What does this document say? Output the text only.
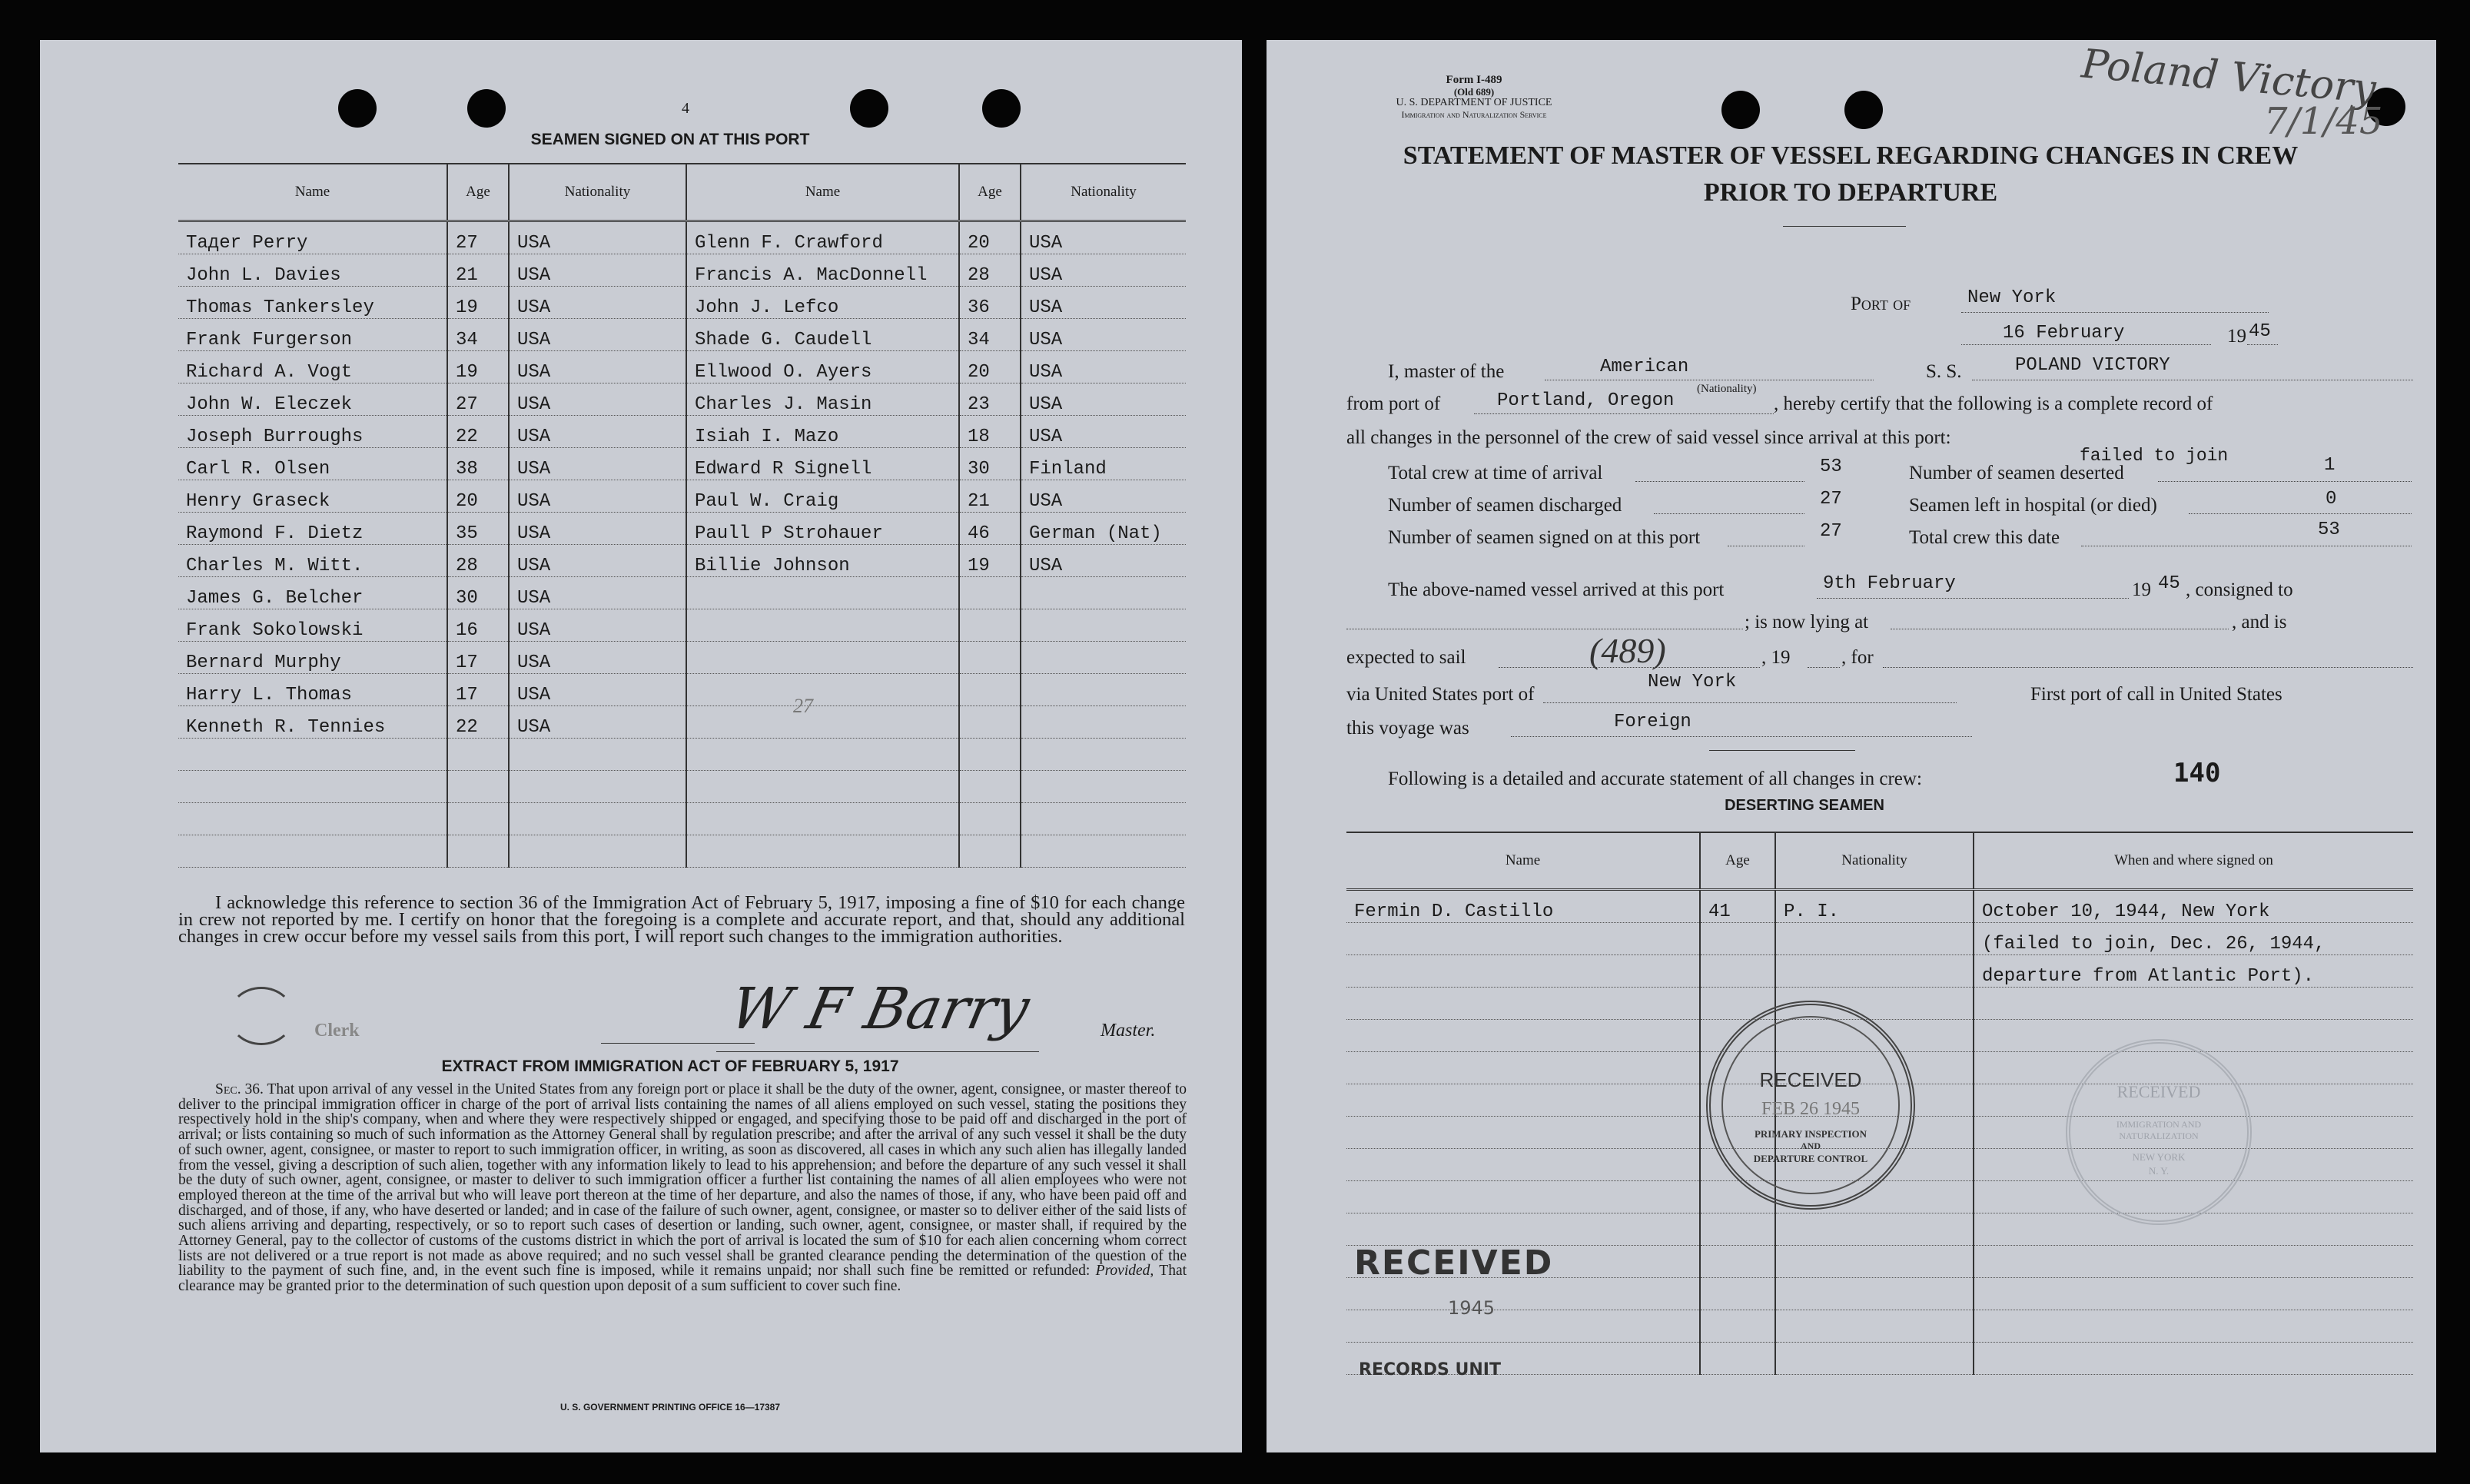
4
SEAMEN SIGNED ON AT THIS PORT
Name	Age	Nationality
Taдer Perry	27	USA
John L. Davies	21	USA
Thomas Tankersley	19	USA
Frank Furgerson	34	USA
Richard A. Vogt	19	USA
John W. Eleczek	27	USA
Joseph Burroughs	22	USA
Carl R. Olsen	38	USA
Henry Graseck	20	USA
Raymond F. Dietz	35	USA
Charles M. Witt.	28	USA
James G. Belcher	30	USA
Frank Sokolowski	16	USA
Bernard Murphy	17	USA
Harry L. Thomas	17	USA
Kenneth R. Tennies	22	USA

Name	Age	Nationality
Glenn F. Crawford	20	USA
Francis A. MacDonnell	28	USA
John J. Lefco	36	USA
Shade G. Caudell	34	USA
Ellwood O. Ayers	20	USA
Charles J. Masin	23	USA
Isiah I. Mazo	18	USA
Edward R Signell	30	Finland
Paul W. Craig	21	USA
Paull P Strohauer	46	German (Nat)
Billie Johnson	19	USA

27

I acknowledge this reference to section 36 of the Immigration Act of February 5, 1917, imposing a fine of $10 for each change in crew not reported by me. I certify on honor that the foregoing is a complete and accurate report, and that, should any additional changes in crew occur before my vessel sails from this port, I will report such changes to the immigration authorities.

Clerk	W F Barry	Master.
EXTRACT FROM IMMIGRATION ACT OF FEBRUARY 5, 1917

Sec. 36. That upon arrival of any vessel in the United States from any foreign port or place it shall be the duty of the owner, agent, consignee, or master thereof to deliver to the principal immigration officer in charge of the port of arrival lists containing the names of all aliens employed on such vessel, stating the positions they respectively hold in the ship's company, when and where they were respectively shipped or engaged, and specifying those to be paid off and discharged in the port of arrival; or lists containing so much of such information as the Attorney General shall by regulation prescribe; and after the arrival of any such vessel it shall be the duty of such owner, agent, consignee, or master to report to such immigration officer, in writing, as soon as discovered, all cases in which any such alien has illegally landed from the vessel, giving a description of such alien, together with any information likely to lead to his apprehension; and before the departure of any such vessel it shall be the duty of such owner, agent, consignee, or master to deliver to such immigration officer a further list containing the names of all alien employees who were not employed thereon at the time of the arrival but who will leave port thereon at the time of her departure, and also the names of those, if any, who have been paid off and discharged, and of those, if any, who have deserted or landed; and in case of the failure of such owner, agent, consignee, or master so to deliver either of the said lists of such aliens arriving and departing, respectively, or so to report such cases of desertion or landing, such owner, agent, consignee, or master shall, if required by the Attorney General, pay to the collector of customs of the customs district in which the port of arrival is located the sum of $10 for each alien concerning whom correct lists are not delivered or a true report is not made as above required; and no such vessel shall be granted clearance pending the determination of the question of the liability to the payment of such fine, and, in the event such fine is imposed, while it remains unpaid; nor shall such fine be remitted or refunded: Provided, That clearance may be granted prior to the determination of such question upon deposit of a sum sufficient to cover such fine.

U. S. GOVERNMENT PRINTING OFFICE 16—17387
Form I-489
(Old 689)
U. S. DEPARTMENT OF JUSTICE
Immigration and Naturalization Service
Poland Victory
7/1/45
STATEMENT OF MASTER OF VESSEL REGARDING CHANGES IN CREW
PRIOR TO DEPARTURE
Port of	New York
16 February	19 45
I, master of the	American
(Nationality)
S. S.	POLAND VICTORY
from port of	Portland, Oregon	, hereby certify that the following is a complete record of
all changes in the personnel of the crew of said vessel since arrival at this port:
Total crew at time of arrival	53
Number of seamen discharged	27
Number of seamen signed on at this port	27
Number of seamen deserted
failed to join	1
Seamen left in hospital (or died)	0
Total crew this date	53
The above-named vessel arrived at this port	9th February	19 45 , consigned to
; is now lying at	, and is
expected to sail	(489)	, 19	, for
via United States port of
New York
First port of call in United States
this voyage was	Foreign
Following is a detailed and accurate statement of all changes in crew:	140
DESERTING SEAMEN
Name	Age	Nationality	When and where signed on
Fermin D. Castillo	41	P. I.	October 10, 1944, New York
			(failed to join, Dec. 26, 1944,
			departure from Atlantic Port).

RECEIVED
FEB 26 1945
PRIMARY INSPECTION
AND
DEPARTURE CONTROL
RECEIVED
IMMIGRATION AND NATURALIZATION
NEW YORK
N. Y.
RECEIVED
1945
RECORDS UNIT
